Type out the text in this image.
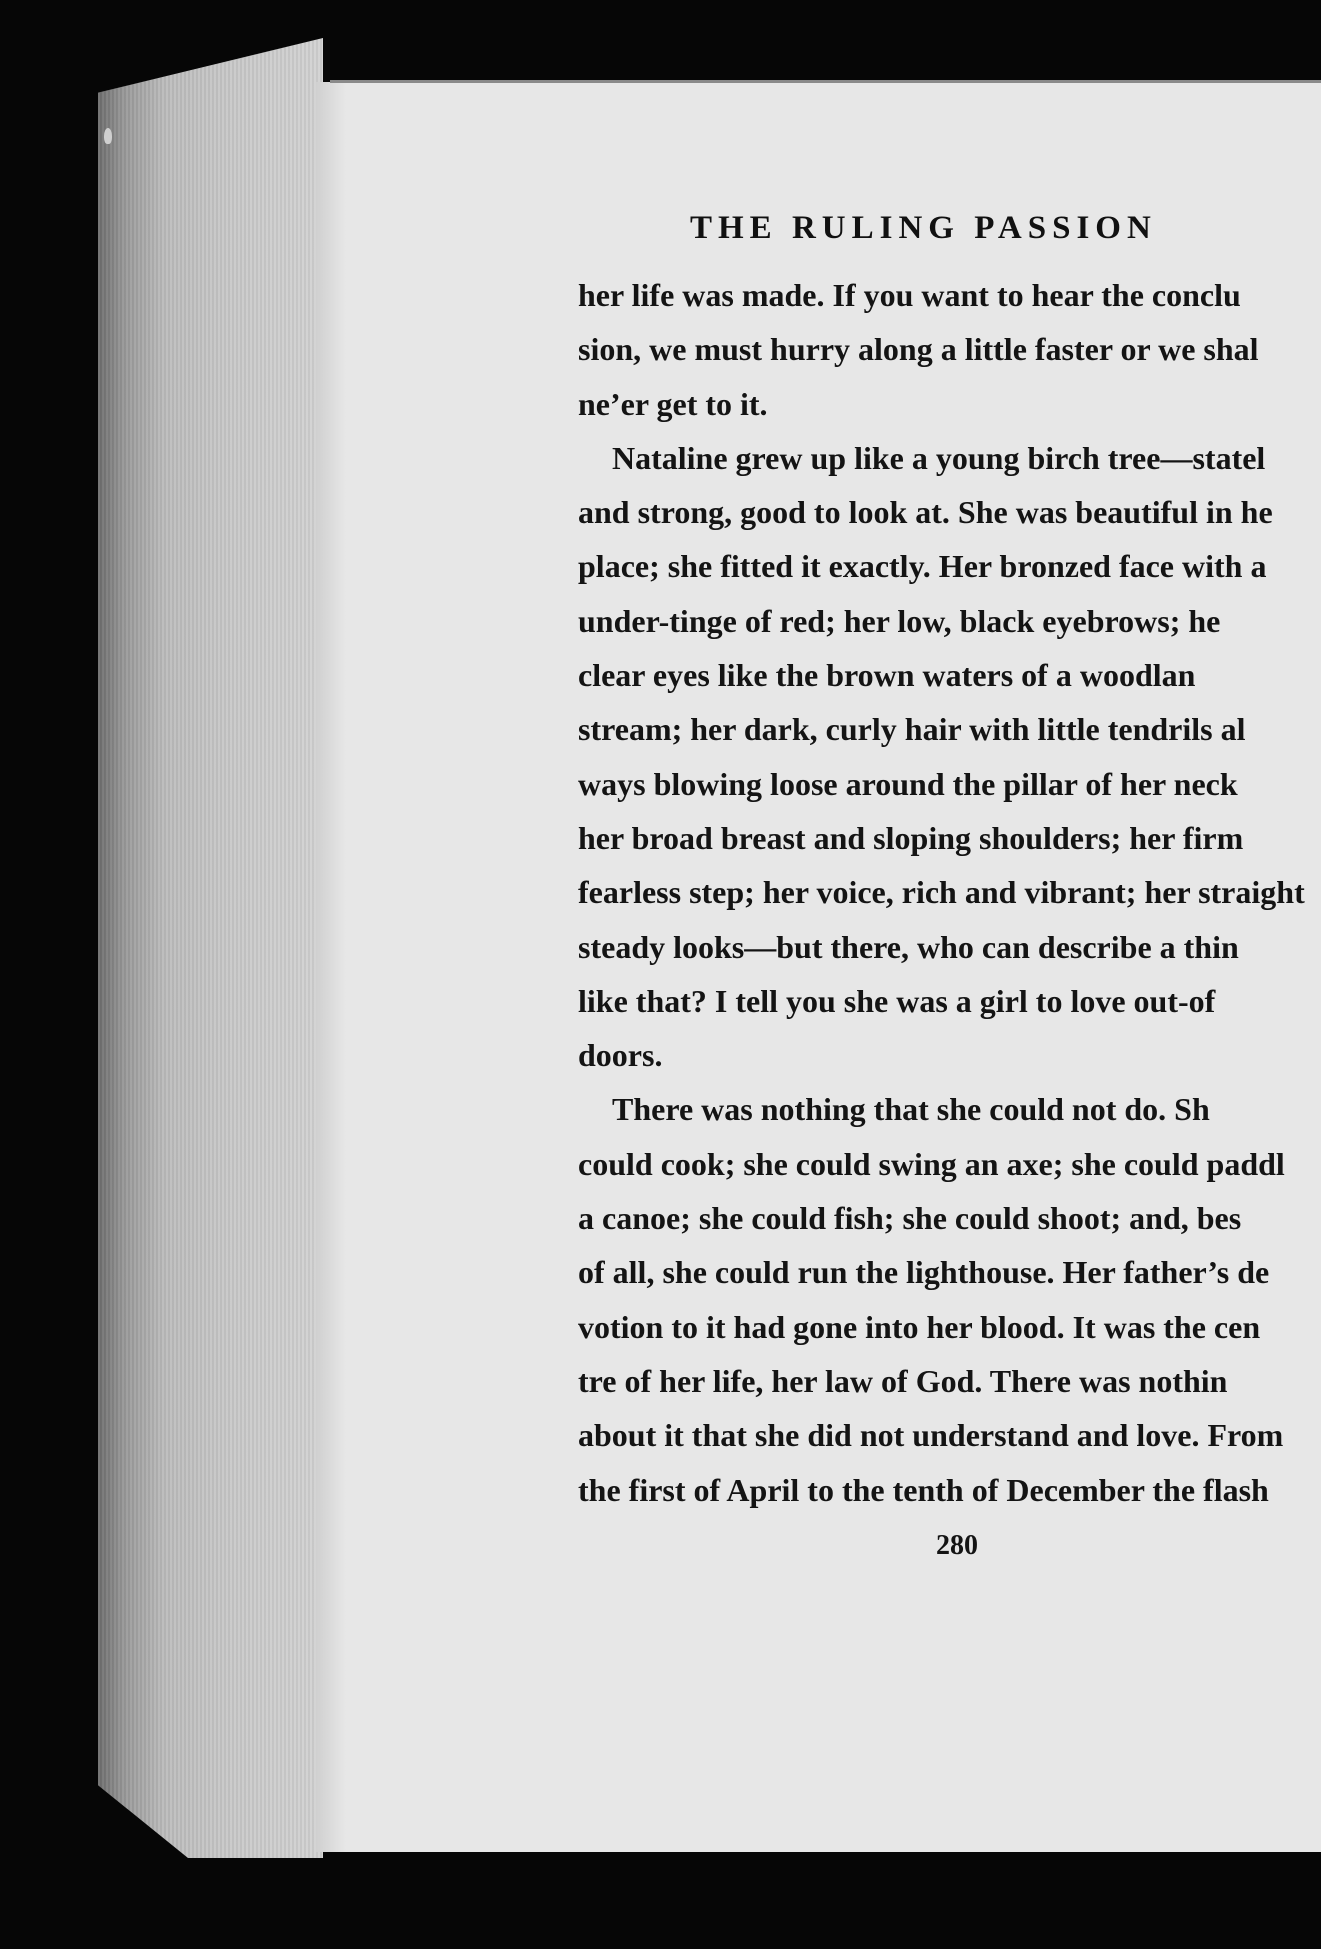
THE RULING PASSION
her life was made. If you want to hear the conclu
sion, we must hurry along a little faster or we shal
ne’er get to it.
Nataline grew up like a young birch tree—statel
and strong, good to look at. She was beautiful in he
place; she fitted it exactly. Her bronzed face with a
under-tinge of red; her low, black eyebrows; he
clear eyes like the brown waters of a woodlan
stream; her dark, curly hair with little tendrils al
ways blowing loose around the pillar of her neck
her broad breast and sloping shoulders; her firm
fearless step; her voice, rich and vibrant; her straight
steady looks—but there, who can describe a thin
like that? I tell you she was a girl to love out-of
doors.
There was nothing that she could not do. Sh
could cook; she could swing an axe; she could paddl
a canoe; she could fish; she could shoot; and, bes
of all, she could run the lighthouse. Her father’s de
votion to it had gone into her blood. It was the cen
tre of her life, her law of God. There was nothin
about it that she did not understand and love. From
the first of April to the tenth of December the flash
280
